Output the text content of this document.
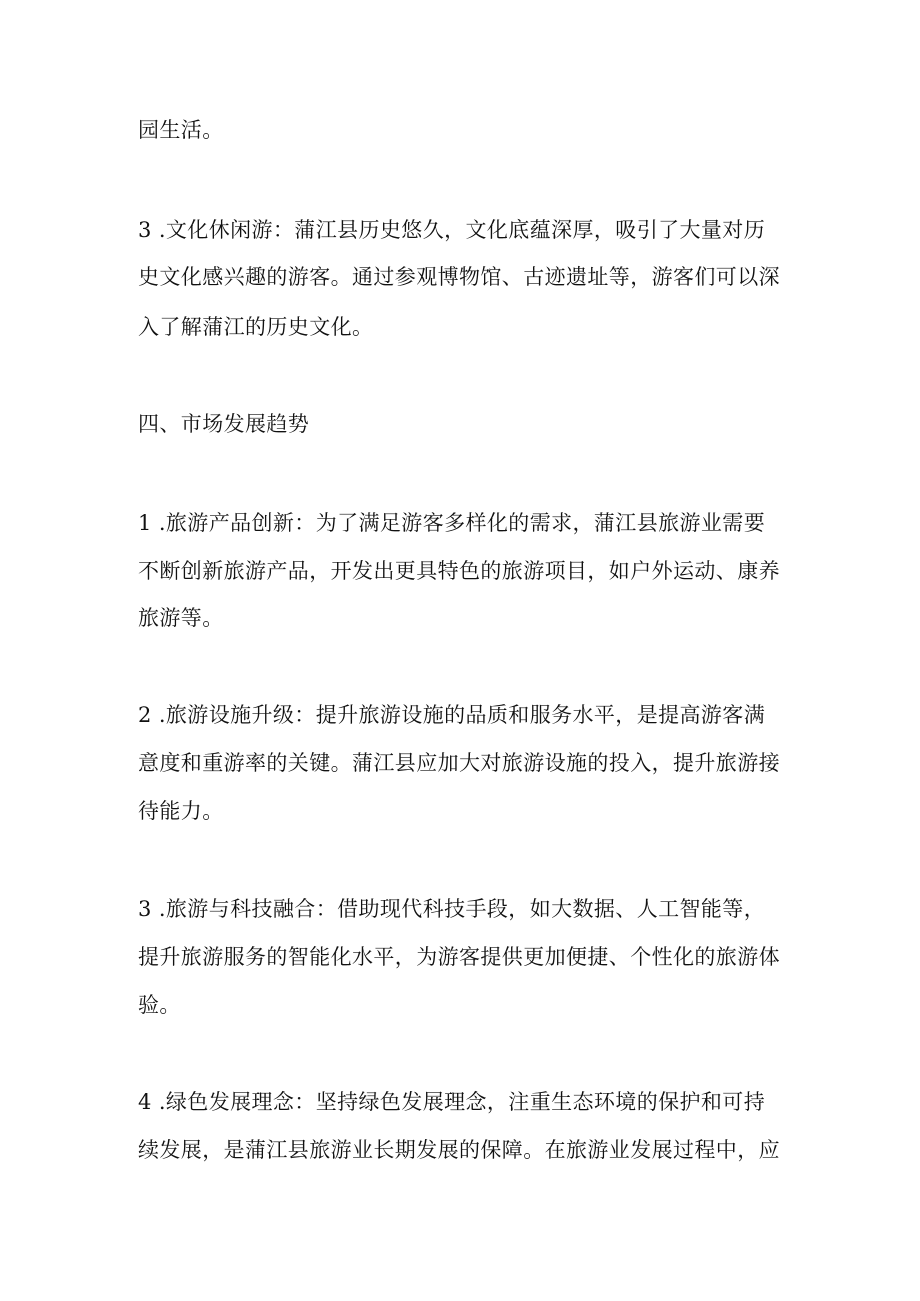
园生活。
3 .文化休闲游：蒲江县历史悠久，文化底蕴深厚，吸引了大量对历
史文化感兴趣的游客。通过参观博物馆、古迹遗址等，游客们可以深
入了解蒲江的历史文化。
四、市场发展趋势
1 .旅游产品创新：为了满足游客多样化的需求，蒲江县旅游业需要
不断创新旅游产品，开发出更具特色的旅游项目，如户外运动、康养
旅游等。
2 .旅游设施升级：提升旅游设施的品质和服务水平，是提高游客满
意度和重游率的关键。蒲江县应加大对旅游设施的投入，提升旅游接
待能力。
3 .旅游与科技融合：借助现代科技手段，如大数据、人工智能等，
提升旅游服务的智能化水平，为游客提供更加便捷、个性化的旅游体
验。
4 .绿色发展理念：坚持绿色发展理念，注重生态环境的保护和可持
续发展，是蒲江县旅游业长期发展的保障。在旅游业发展过程中，应
